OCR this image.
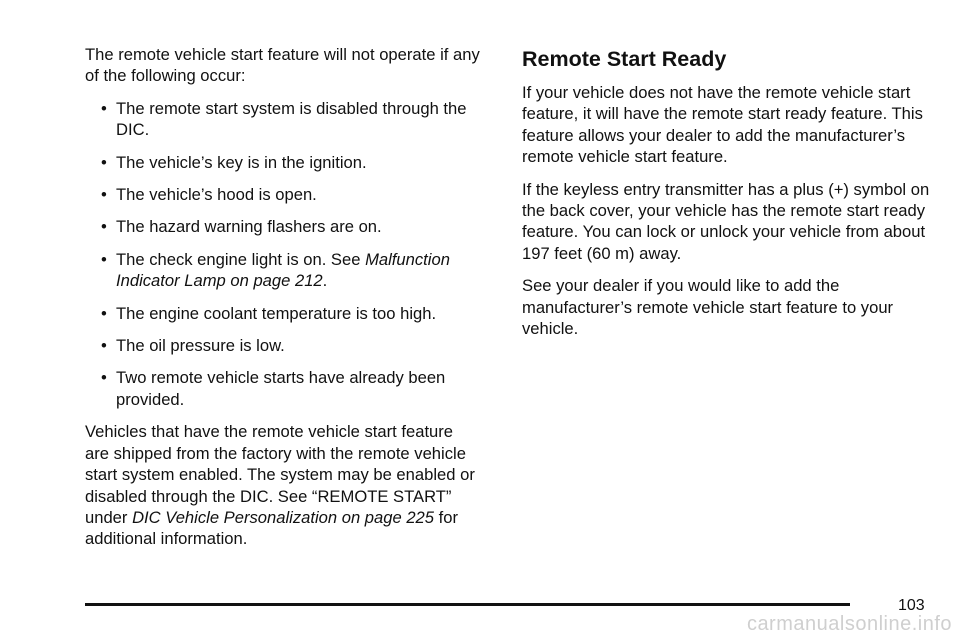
The remote vehicle start feature will not operate if any of the following occur:

• The remote start system is disabled through the DIC.
• The vehicle’s key is in the ignition.
• The vehicle’s hood is open.
• The hazard warning flashers are on.
• The check engine light is on. See Malfunction Indicator Lamp on page 212.
• The engine coolant temperature is too high.
• The oil pressure is low.
• Two remote vehicle starts have already been provided.

Vehicles that have the remote vehicle start feature are shipped from the factory with the remote vehicle start system enabled. The system may be enabled or disabled through the DIC. See “REMOTE START” under DIC Vehicle Personalization on page 225 for additional information.

Remote Start Ready

If your vehicle does not have the remote vehicle start feature, it will have the remote start ready feature. This feature allows your dealer to add the manufacturer’s remote vehicle start feature.

If the keyless entry transmitter has a plus (+) symbol on the back cover, your vehicle has the remote start ready feature. You can lock or unlock your vehicle from about 197 feet (60 m) away.

See your dealer if you would like to add the manufacturer’s remote vehicle start feature to your vehicle.

103
carmanualsonline.info
